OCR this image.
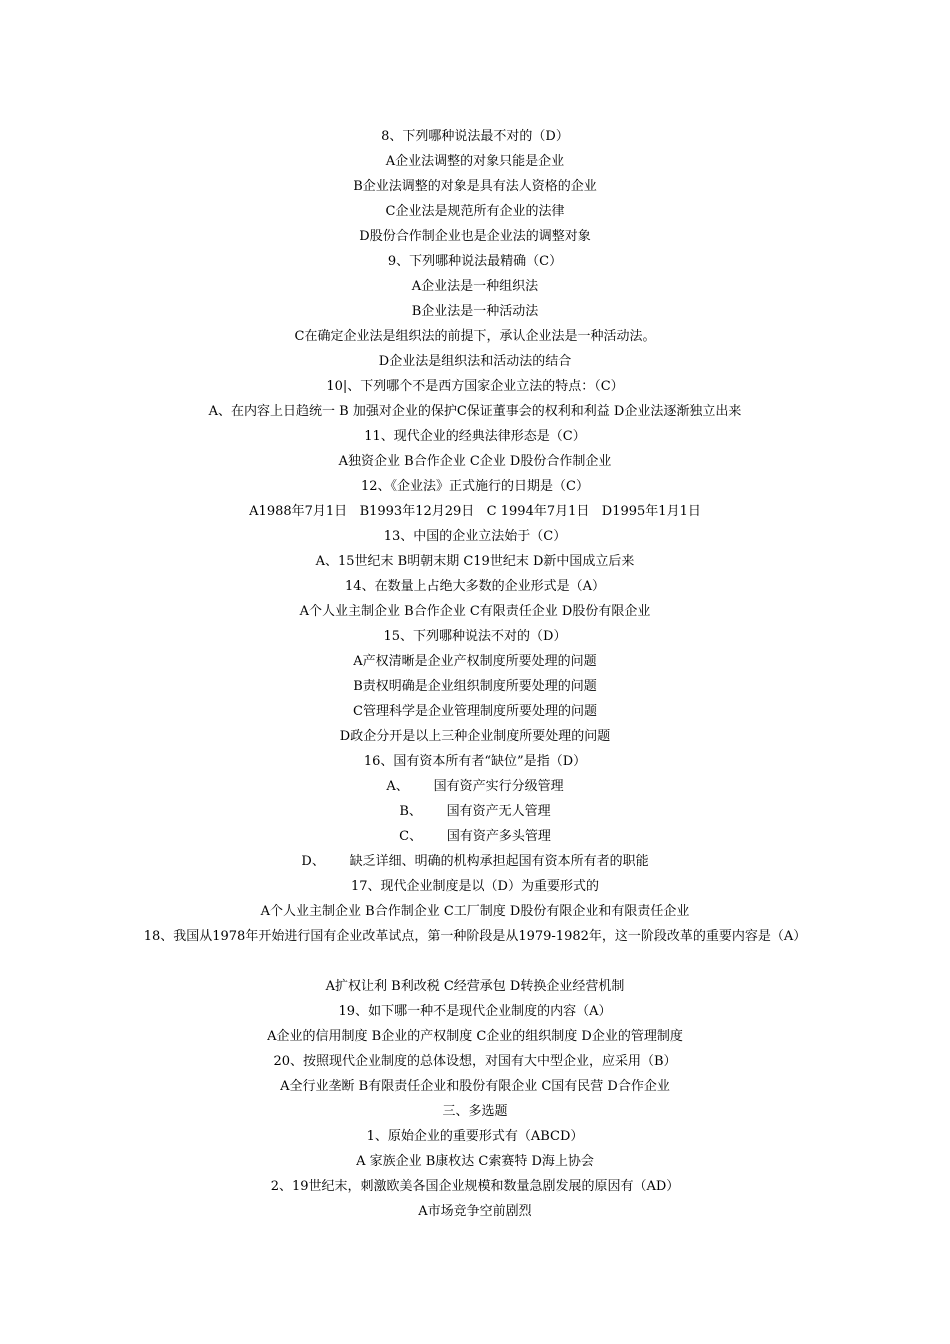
8、下列哪种说法最不对的（D）
A企业法调整的对象只能是企业
B企业法调整的对象是具有法人资格的企业
C企业法是规范所有企业的法律
D股份合作制企业也是企业法的调整对象
9、下列哪种说法最精确（C）
A企业法是一种组织法
B企业法是一种活动法
C在确定企业法是组织法的前提下，承认企业法是一种活动法。
D企业法是组织法和活动法的结合
10|、下列哪个不是西方国家企业立法的特点：（C）
A、在内容上日趋统一 B 加强对企业的保护C保证董事会的权利和利益 D企业法逐渐独立出来
11、现代企业的经典法律形态是（C）
A独资企业 B合作企业 C企业 D股份合作制企业
12、《企业法》正式施行的日期是（C）
A1988年7月1日   B1993年12月29日   C 1994年7月1日   D1995年1月1日
13、中国的企业立法始于（C）
A、15世纪末 B明朝末期 C19世纪末 D新中国成立后来
14、在数量上占绝大多数的企业形式是（A）
A个人业主制企业 B合作企业 C有限责任企业 D股份有限企业
15、下列哪种说法不对的（D）
A产权清晰是企业产权制度所要处理的问题
B责权明确是企业组织制度所要处理的问题
C管理科学是企业管理制度所要处理的问题
D政企分开是以上三种企业制度所要处理的问题
16、国有资本所有者“缺位”是指（D）
A、      国有资产实行分级管理
B、      国有资产无人管理
C、      国有资产多头管理
D、      缺乏详细、明确的机构承担起国有资本所有者的职能
17、现代企业制度是以（D）为重要形式的
A个人业主制企业 B合作制企业 C工厂制度 D股份有限企业和有限责任企业
18、我国从1978年开始进行国有企业改革试点，第一种阶段是从1979-1982年，这一阶段改革的重要内容是（A）
A扩权让利 B利改税 C经营承包 D转换企业经营机制
19、如下哪一种不是现代企业制度的内容（A）
A企业的信用制度 B企业的产权制度 C企业的组织制度 D企业的管理制度
20、按照现代企业制度的总体设想，对国有大中型企业，应采用（B）
A全行业垄断 B有限责任企业和股份有限企业 C国有民营 D合作企业
三、多选题
1、原始企业的重要形式有（ABCD）
A 家族企业 B康枚达 C索赛特 D海上协会
2、19世纪末，刺激欧美各国企业规模和数量急剧发展的原因有（AD）
A市场竞争空前剧烈
